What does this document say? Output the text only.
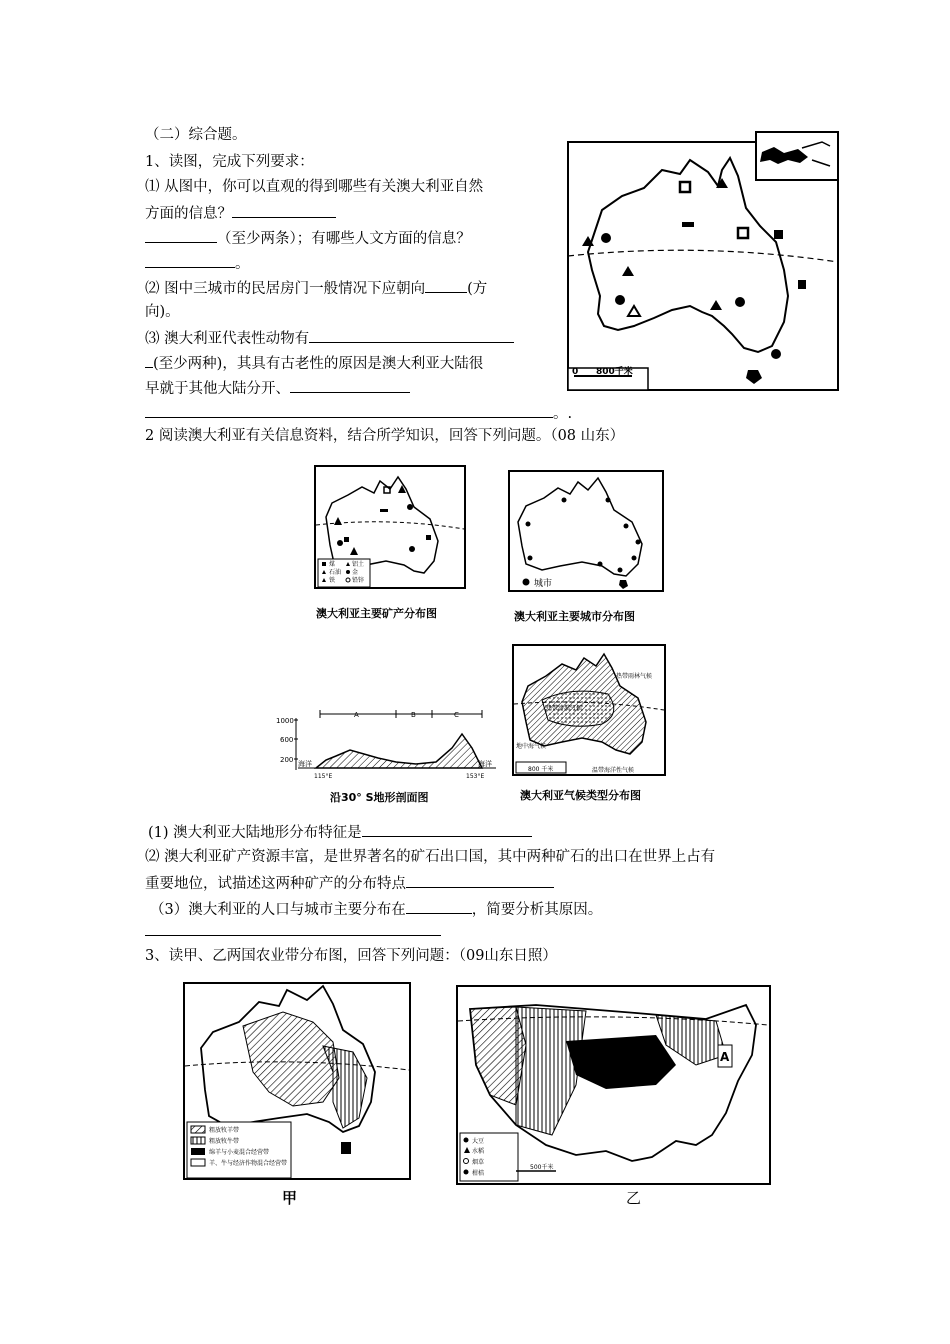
（二）综合题。
1、读图，完成下列要求：
⑴ 从图中，你可以直观的得到哪些有关澳大利亚自然
方面的信息？
（至少两条）；有哪些人文方面的信息？
。
⑵ 图中三城市的民居房门一般情况下应朝向	(方
向)。
⑶ 澳大利亚代表性动物有
(至少两种)，其具有古老性的原因是澳大利亚大陆很
早就于其他大陆分开、
。.
0 800千米
2 阅读澳大利亚有关信息资料，结合所学知识，回答下列问题。（08 山东）
煤	铝土
石油 金
铁	铅锌
澳大利亚主要矿产分布图
城市
澳大利亚主要城市分布图
热带沙漠气候
热带雨林气候
地中海气候
温带海洋性气候
800 千米
澳大利亚气候类型分布图
1000
600
200
A	B	C
海洋	海洋
115°E	153°E
沿30° S地形剖面图
(1) 澳大利亚大陆地形分布特征是
⑵ 澳大利亚矿产资源丰富，是世界著名的矿石出口国，其中两种矿石的出口在世界上占有
重要地位，试描述这两种矿产的分布特点
（3）澳大利亚的人口与城市主要分布在	，简要分析其原因。
3、读甲、乙两国农业带分布图，回答下列问题：（09山东日照）
粗放牧羊带
粗放牧牛带
绵羊与小麦混合经营带
羊、牛与经济作物混合经营带
甲
A
大豆
水稻
烟草
柑桔
500千米
乙
